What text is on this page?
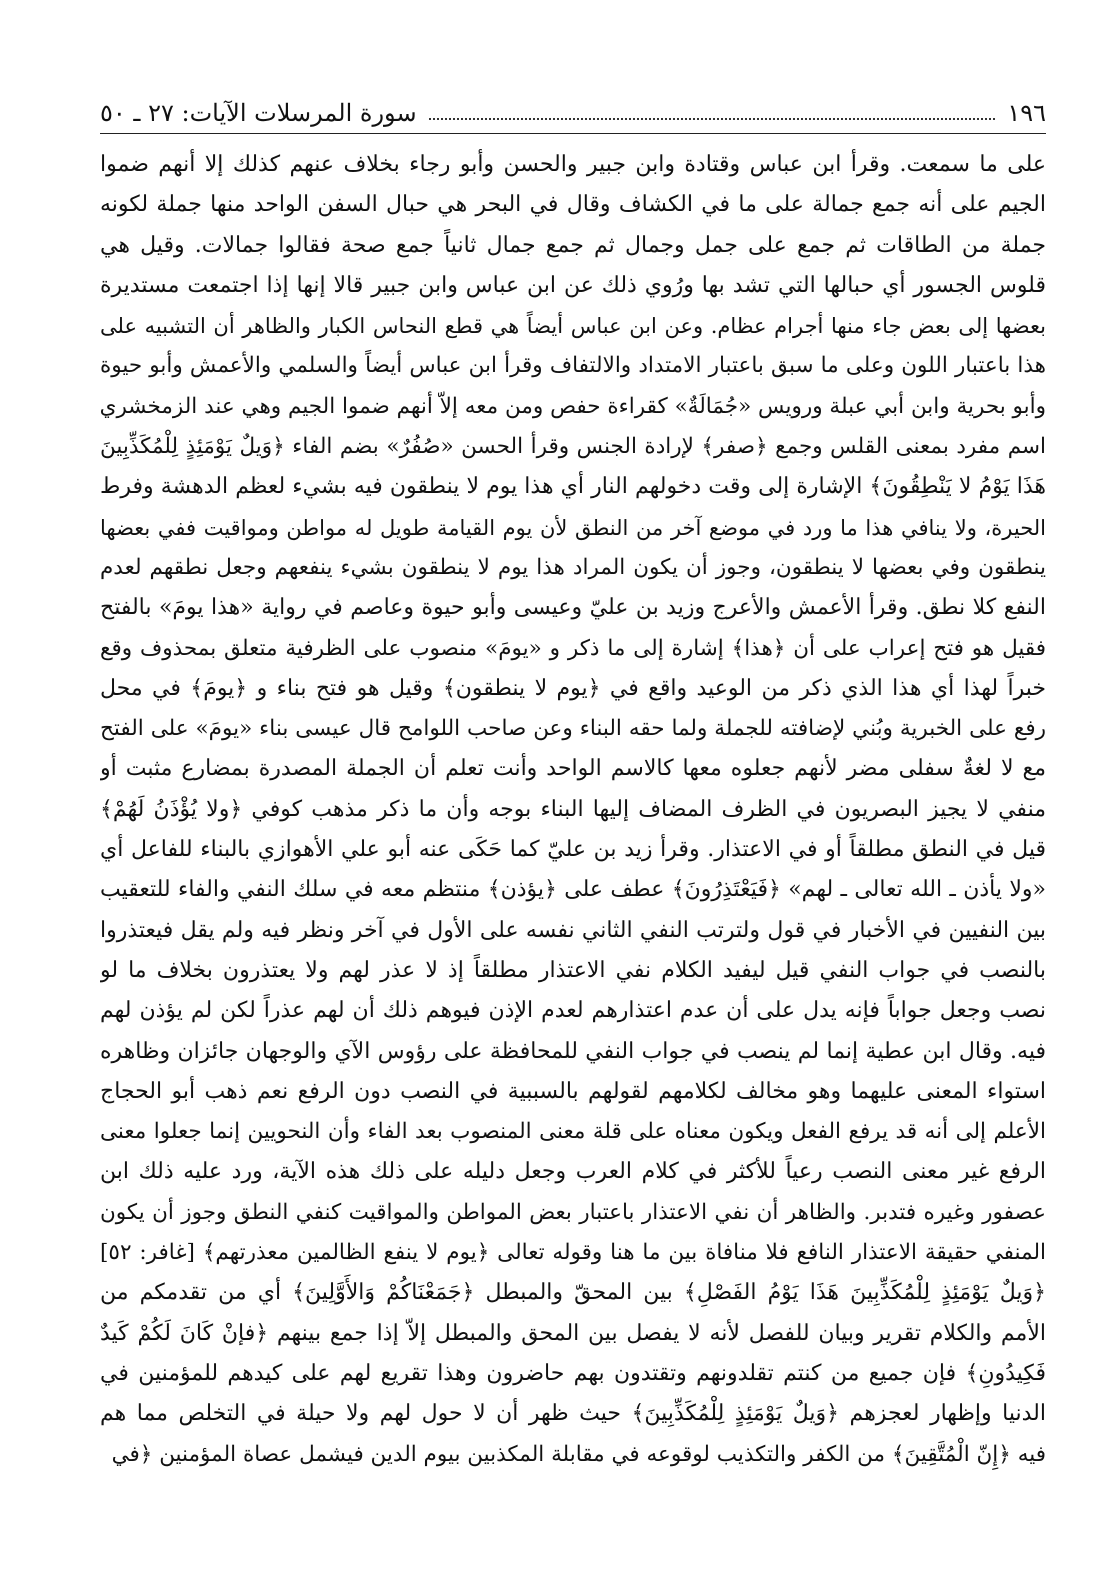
١٩٦
سورة المرسلات الآيات: ٢٧ ـ ٥٠
على ما سمعت. وقرأ ابن عباس وقتادة وابن جبير والحسن وأبو رجاء بخلاف عنهم كذلك إلا أنهم ضموا
الجيم على أنه جمع جمالة على ما في الكشاف وقال في البحر هي حبال السفن الواحد منها جملة لكونه
جملة من الطاقات ثم جمع على جمل وجمال ثم جمع جمال ثانياً جمع صحة فقالوا جمالات. وقيل هي
قلوس الجسور أي حبالها التي تشد بها ورُوي ذلك عن ابن عباس وابن جبير قالا إنها إذا اجتمعت مستديرة
بعضها إلى بعض جاء منها أجرام عظام. وعن ابن عباس أيضاً هي قطع النحاس الكبار والظاهر أن التشبيه على
هذا باعتبار اللون وعلى ما سبق باعتبار الامتداد والالتفاف وقرأ ابن عباس أيضاً والسلمي والأعمش وأبو حيوة
وأبو بحرية وابن أبي عبلة ورويس «جُمَالَةٌ» كقراءة حفص ومن معه إلاّ أنهم ضموا الجيم وهي عند الزمخشري
اسم مفرد بمعنى القلس وجمع ﴿صفر﴾ لإرادة الجنس وقرأ الحسن «صُفُرٌ» بضم الفاء ﴿وَيلٌ يَوْمَئِذٍ لِلْمُكَذِّبِينَ
هَذَا يَوْمُ لا يَنْطِقُونَ﴾ الإشارة إلى وقت دخولهم النار أي هذا يوم لا ينطقون فيه بشيء لعظم الدهشة وفرط
الحيرة، ولا ينافي هذا ما ورد في موضع آخر من النطق لأن يوم القيامة طويل له مواطن ومواقيت ففي بعضها
ينطقون وفي بعضها لا ينطقون، وجوز أن يكون المراد هذا يوم لا ينطقون بشيء ينفعهم وجعل نطقهم لعدم
النفع كلا نطق. وقرأ الأعمش والأعرج وزيد بن عليّ وعيسى وأبو حيوة وعاصم في رواية «هذا يومَ» بالفتح
فقيل هو فتح إعراب على أن ﴿هذا﴾ إشارة إلى ما ذكر و «يومَ» منصوب على الظرفية متعلق بمحذوف وقع
خبراً لهذا أي هذا الذي ذكر من الوعيد واقع في ﴿يوم لا ينطقون﴾ وقيل هو فتح بناء و ﴿يومَ﴾ في محل
رفع على الخبرية وبُني لإضافته للجملة ولما حقه البناء وعن صاحب اللوامح قال عيسى بناء «يومَ» على الفتح
مع لا لغةٌ سفلى مضر لأنهم جعلوه معها كالاسم الواحد وأنت تعلم أن الجملة المصدرة بمضارع مثبت أو
منفي لا يجيز البصريون في الظرف المضاف إليها البناء بوجه وأن ما ذكر مذهب كوفي ﴿ولا يُؤْذَنُ لَهُمْ﴾
قيل في النطق مطلقاً أو في الاعتذار. وقرأ زيد بن عليّ كما حَكَى عنه أبو علي الأهوازي بالبناء للفاعل أي
«ولا يأذن ـ الله تعالى ـ لهم» ﴿فَيَعْتَذِرُونَ﴾ عطف على ﴿يؤذن﴾ منتظم معه في سلك النفي والفاء للتعقيب
بين النفيين في الأخبار في قول ولترتب النفي الثاني نفسه على الأول في آخر ونظر فيه ولم يقل فيعتذروا
بالنصب في جواب النفي قيل ليفيد الكلام نفي الاعتذار مطلقاً إذ لا عذر لهم ولا يعتذرون بخلاف ما لو
نصب وجعل جواباً فإنه يدل على أن عدم اعتذارهم لعدم الإذن فيوهم ذلك أن لهم عذراً لكن لم يؤذن لهم
فيه. وقال ابن عطية إنما لم ينصب في جواب النفي للمحافظة على رؤوس الآي والوجهان جائزان وظاهره
استواء المعنى عليهما وهو مخالف لكلامهم لقولهم بالسببية في النصب دون الرفع نعم ذهب أبو الحجاج
الأعلم إلى أنه قد يرفع الفعل ويكون معناه على قلة معنى المنصوب بعد الفاء وأن النحويين إنما جعلوا معنى
الرفع غير معنى النصب رعياً للأكثر في كلام العرب وجعل دليله على ذلك هذه الآية، ورد عليه ذلك ابن
عصفور وغيره فتدبر. والظاهر أن نفي الاعتذار باعتبار بعض المواطن والمواقيت كنفي النطق وجوز أن يكون
المنفي حقيقة الاعتذار النافع فلا منافاة بين ما هنا وقوله تعالى ﴿يوم لا ينفع الظالمين معذرتهم﴾ [غافر: ٥٢]
﴿وَيلٌ يَوْمَئِذٍ لِلْمُكَذِّبِينَ هَذَا يَوْمُ الفَصْلِ﴾ بين المحقّ والمبطل ﴿جَمَعْنَاكُمْ وَالأَوَّلِينَ﴾ أي من تقدمكم من
الأمم والكلام تقرير وبيان للفصل لأنه لا يفصل بين المحق والمبطل إلاّ إذا جمع بينهم ﴿فإنْ كَانَ لَكُمْ كَيدٌ
فَكِيدُونِ﴾ فإن جميع من كنتم تقلدونهم وتقتدون بهم حاضرون وهذا تقريع لهم على كيدهم للمؤمنين في
الدنيا وإظهار لعجزهم ﴿وَيلٌ يَوْمَئِذٍ لِلْمُكَذِّبِينَ﴾ حيث ظهر أن لا حول لهم ولا حيلة في التخلص مما هم
فيه ﴿إِنّ الْمُتَّقِينَ﴾ من الكفر والتكذيب لوقوعه في مقابلة المكذبين بيوم الدين فيشمل عصاة المؤمنين ﴿في
